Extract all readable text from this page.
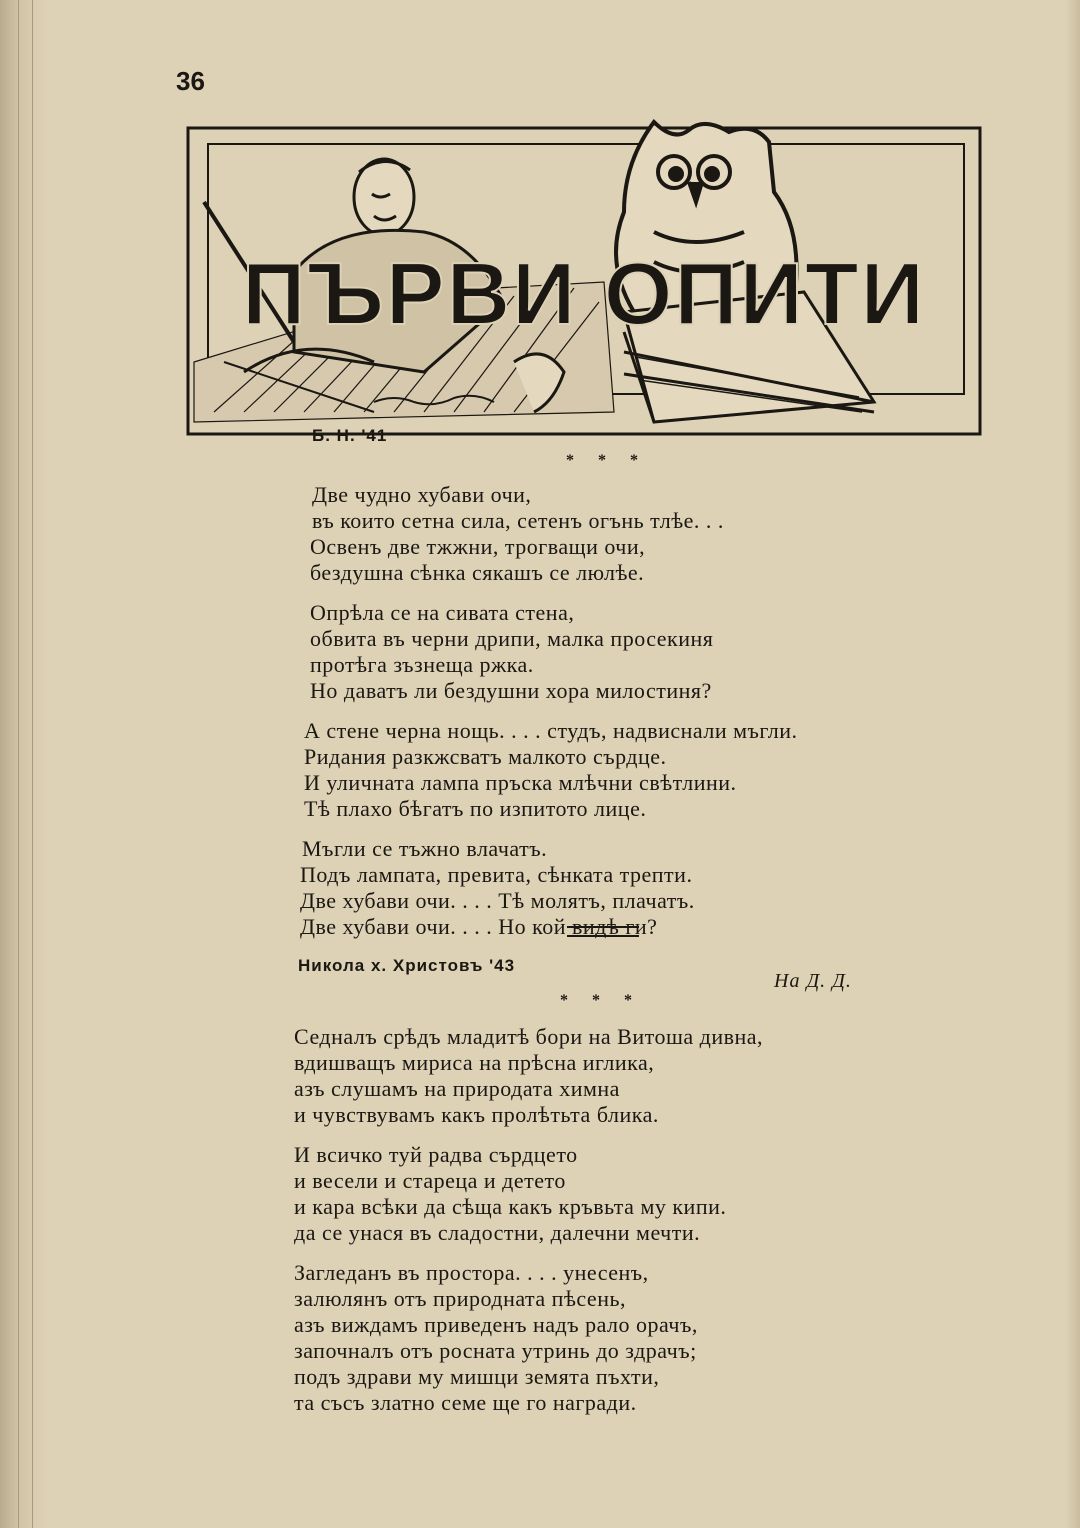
36
ПЪРВИ ОПИТИ
Б. Н. '41
* * *
Две чудно хубави очи,
въ които сетна сила, сетенъ огънь тлѣе. . .
Освенъ две тжжни, трогващи очи,
бездушна сѣнка сякашъ се люлѣе.
Опрѣла се на сивата стена,
обвита въ черни дрипи, малка просекиня
протѣга зъзнеща ржка.
Но даватъ ли бездушни хора милостиня?
А стене черна нощь. . . . студъ, надвиснали мъгли.
Ридания разкжсватъ малкото сърдце.
И уличната лампа пръска млѣчни свѣтлини.
Тѣ плахо бѣгатъ по изпитото лице.
Мъгли се тъжно влачатъ.
Подъ лампата, превита, сѣнката трепти.
Две хубави очи. . . . Тѣ молятъ, плачатъ.
Две хубави очи. . . . Но кой видѣ ги?
Никола х. Христовъ '43
На Д. Д.
* * *
Седналъ срѣдъ младитѣ бори на Витоша дивна,
вдишващъ мириса на прѣсна иглика,
азъ слушамъ на природата химна
и чувствувамъ какъ пролѣтьта блика.
И всичко туй радва сърдцето
и весели и стареца и детето
и кара всѣки да сѣща какъ кръвьта му кипи.
да се унася въ сладостни, далечни мечти.
Загледанъ въ простора. . . . унесенъ,
залюлянъ отъ природната пѣсень,
азъ виждамъ приведенъ надъ рало орачъ,
започналъ отъ росната утринь до здрачъ;
подъ здрави му мишци земята пъхти,
та съсъ златно семе ще го награди.
